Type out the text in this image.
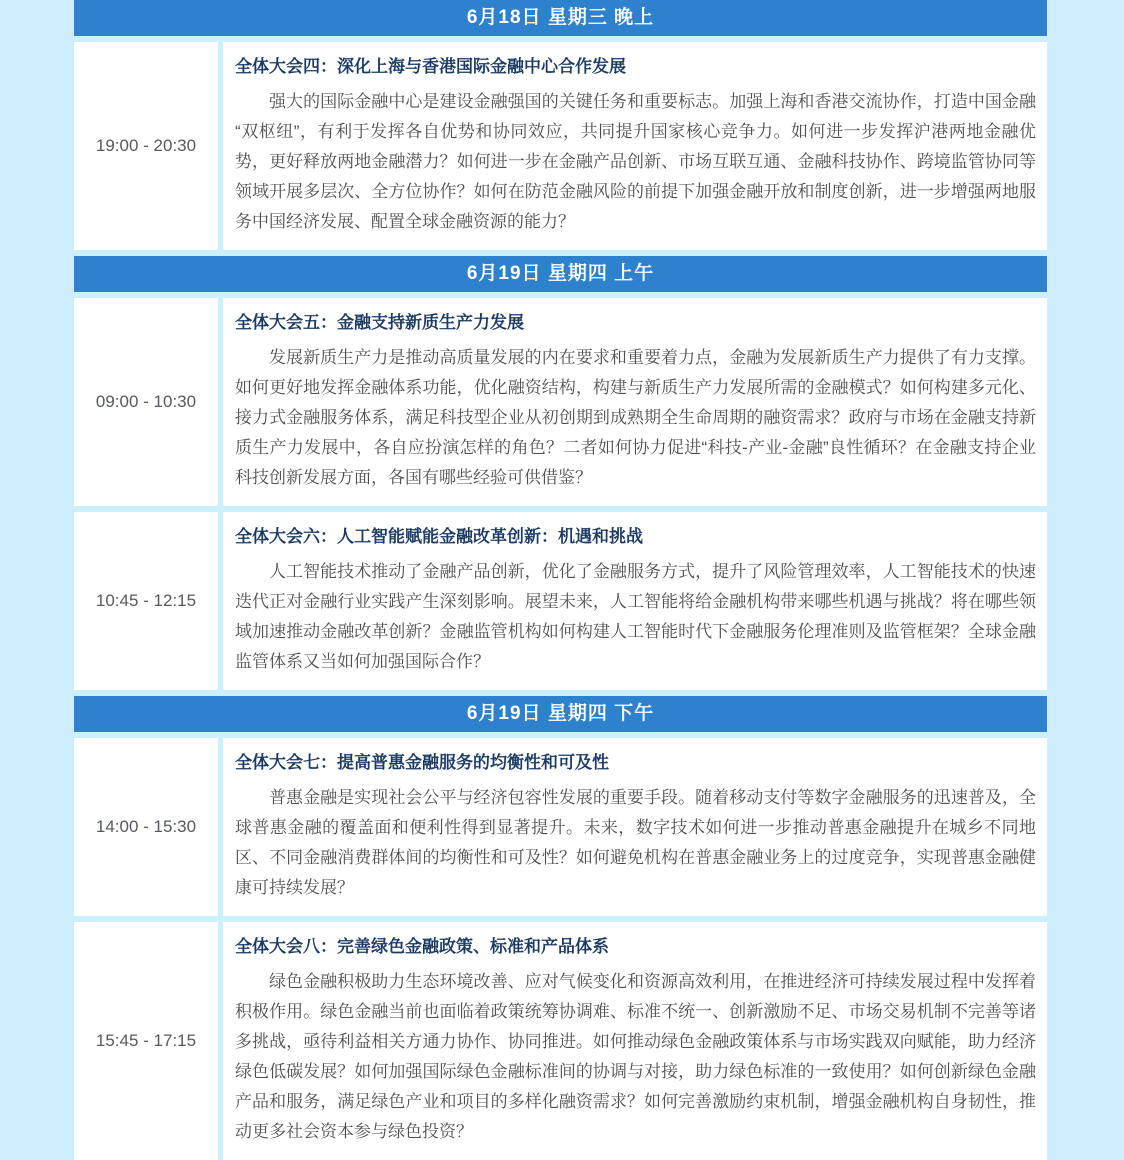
6月18日 星期三 晚上
19:00 - 20:30
全体大会四：深化上海与香港国际金融中心合作发展
强大的国际金融中心是建设金融强国的关键任务和重要标志。加强上海和香港交流协作，打造中国金融“双枢纽”，有利于发挥各自优势和协同效应，共同提升国家核心竞争力。如何进一步发挥沪港两地金融优势，更好释放两地金融潜力？如何进一步在金融产品创新、市场互联互通、金融科技协作、跨境监管协同等领域开展多层次、全方位协作？如何在防范金融风险的前提下加强金融开放和制度创新，进一步增强两地服务中国经济发展、配置全球金融资源的能力？
6月19日 星期四 上午
09:00 - 10:30
全体大会五：金融支持新质生产力发展
发展新质生产力是推动高质量发展的内在要求和重要着力点，金融为发展新质生产力提供了有力支撑。如何更好地发挥金融体系功能，优化融资结构，构建与新质生产力发展所需的金融模式？如何构建多元化、接力式金融服务体系，满足科技型企业从初创期到成熟期全生命周期的融资需求？政府与市场在金融支持新质生产力发展中，各自应扮演怎样的角色？二者如何协力促进“科技-产业-金融”良性循环？在金融支持企业科技创新发展方面，各国有哪些经验可供借鉴？
10:45 - 12:15
全体大会六：人工智能赋能金融改革创新：机遇和挑战
人工智能技术推动了金融产品创新，优化了金融服务方式，提升了风险管理效率，人工智能技术的快速迭代正对金融行业实践产生深刻影响。展望未来，人工智能将给金融机构带来哪些机遇与挑战？将在哪些领域加速推动金融改革创新？金融监管机构如何构建人工智能时代下金融服务伦理准则及监管框架？全球金融监管体系又当如何加强国际合作？
6月19日 星期四 下午
14:00 - 15:30
全体大会七：提高普惠金融服务的均衡性和可及性
普惠金融是实现社会公平与经济包容性发展的重要手段。随着移动支付等数字金融服务的迅速普及，全球普惠金融的覆盖面和便利性得到显著提升。未来，数字技术如何进一步推动普惠金融提升在城乡不同地区、不同金融消费群体间的均衡性和可及性？如何避免机构在普惠金融业务上的过度竞争，实现普惠金融健康可持续发展？
15:45 - 17:15
全体大会八：完善绿色金融政策、标准和产品体系
绿色金融积极助力生态环境改善、应对气候变化和资源高效利用，在推进经济可持续发展过程中发挥着积极作用。绿色金融当前也面临着政策统筹协调难、标准不统一、创新激励不足、市场交易机制不完善等诸多挑战，亟待利益相关方通力协作、协同推进。如何推动绿色金融政策体系与市场实践双向赋能，助力经济绿色低碳发展？如何加强国际绿色金融标准间的协调与对接，助力绿色标准的一致使用？如何创新绿色金融产品和服务，满足绿色产业和项目的多样化融资需求？如何完善激励约束机制，增强金融机构自身韧性，推动更多社会资本参与绿色投资？
